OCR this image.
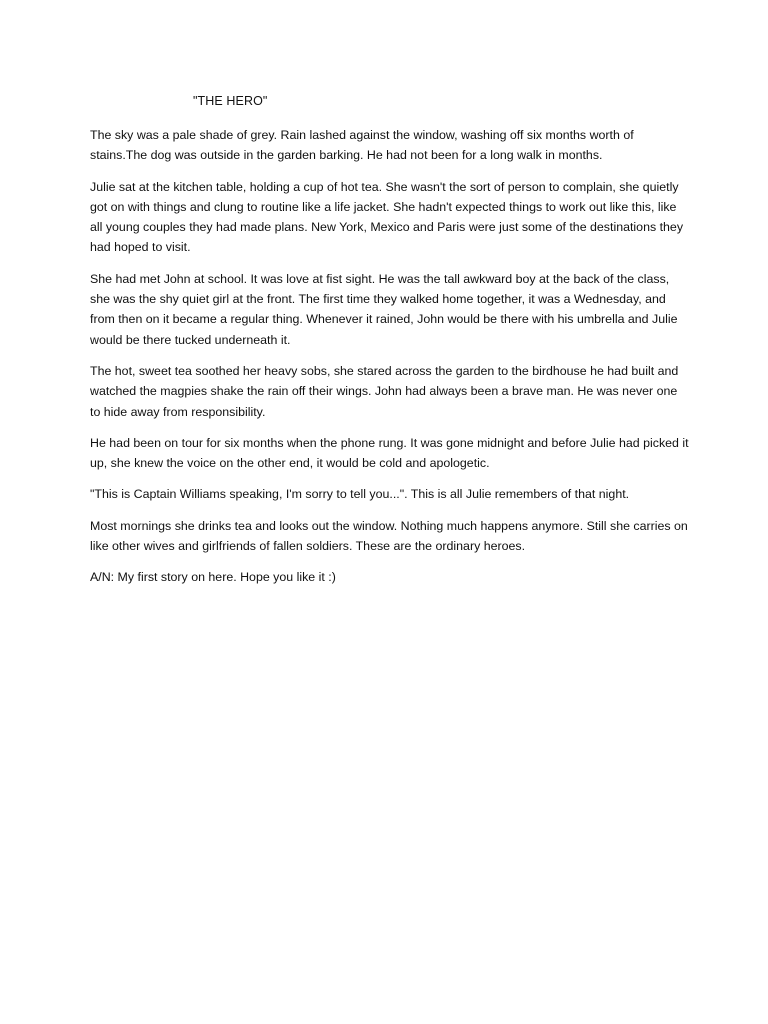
"THE HERO"

The sky was a pale shade of grey. Rain lashed against the window, washing off six months worth of stains.The dog was outside in the garden barking. He had not been for a long walk in months.

Julie sat at the kitchen table, holding a cup of hot tea. She wasn't the sort of person to complain, she quietly got on with things and clung to routine like a life jacket. She hadn't expected things to work out like this, like all young couples they had made plans. New York, Mexico and Paris were just some of the destinations they had hoped to visit.

She had met John at school. It was love at fist sight. He was the tall awkward boy at the back of the class, she was the shy quiet girl at the front. The first time they walked home together, it was a Wednesday, and from then on it became a regular thing. Whenever it rained, John would be there with his umbrella and Julie would be there tucked underneath it.

The hot, sweet tea soothed her heavy sobs, she stared across the garden to the birdhouse he had built and watched the magpies shake the rain off their wings. John had always been a brave man. He was never one to hide away from responsibility.

He had been on tour for six months when the phone rung. It was gone midnight and before Julie had picked it up, she knew the voice on the other end, it would be cold and apologetic.

"This is Captain Williams speaking, I'm sorry to tell you...". This is all Julie remembers of that night.

Most mornings she drinks tea and looks out the window. Nothing much happens anymore. Still she carries on like other wives and girlfriends of fallen soldiers. These are the ordinary heroes.

A/N: My first story on here. Hope you like it :)
